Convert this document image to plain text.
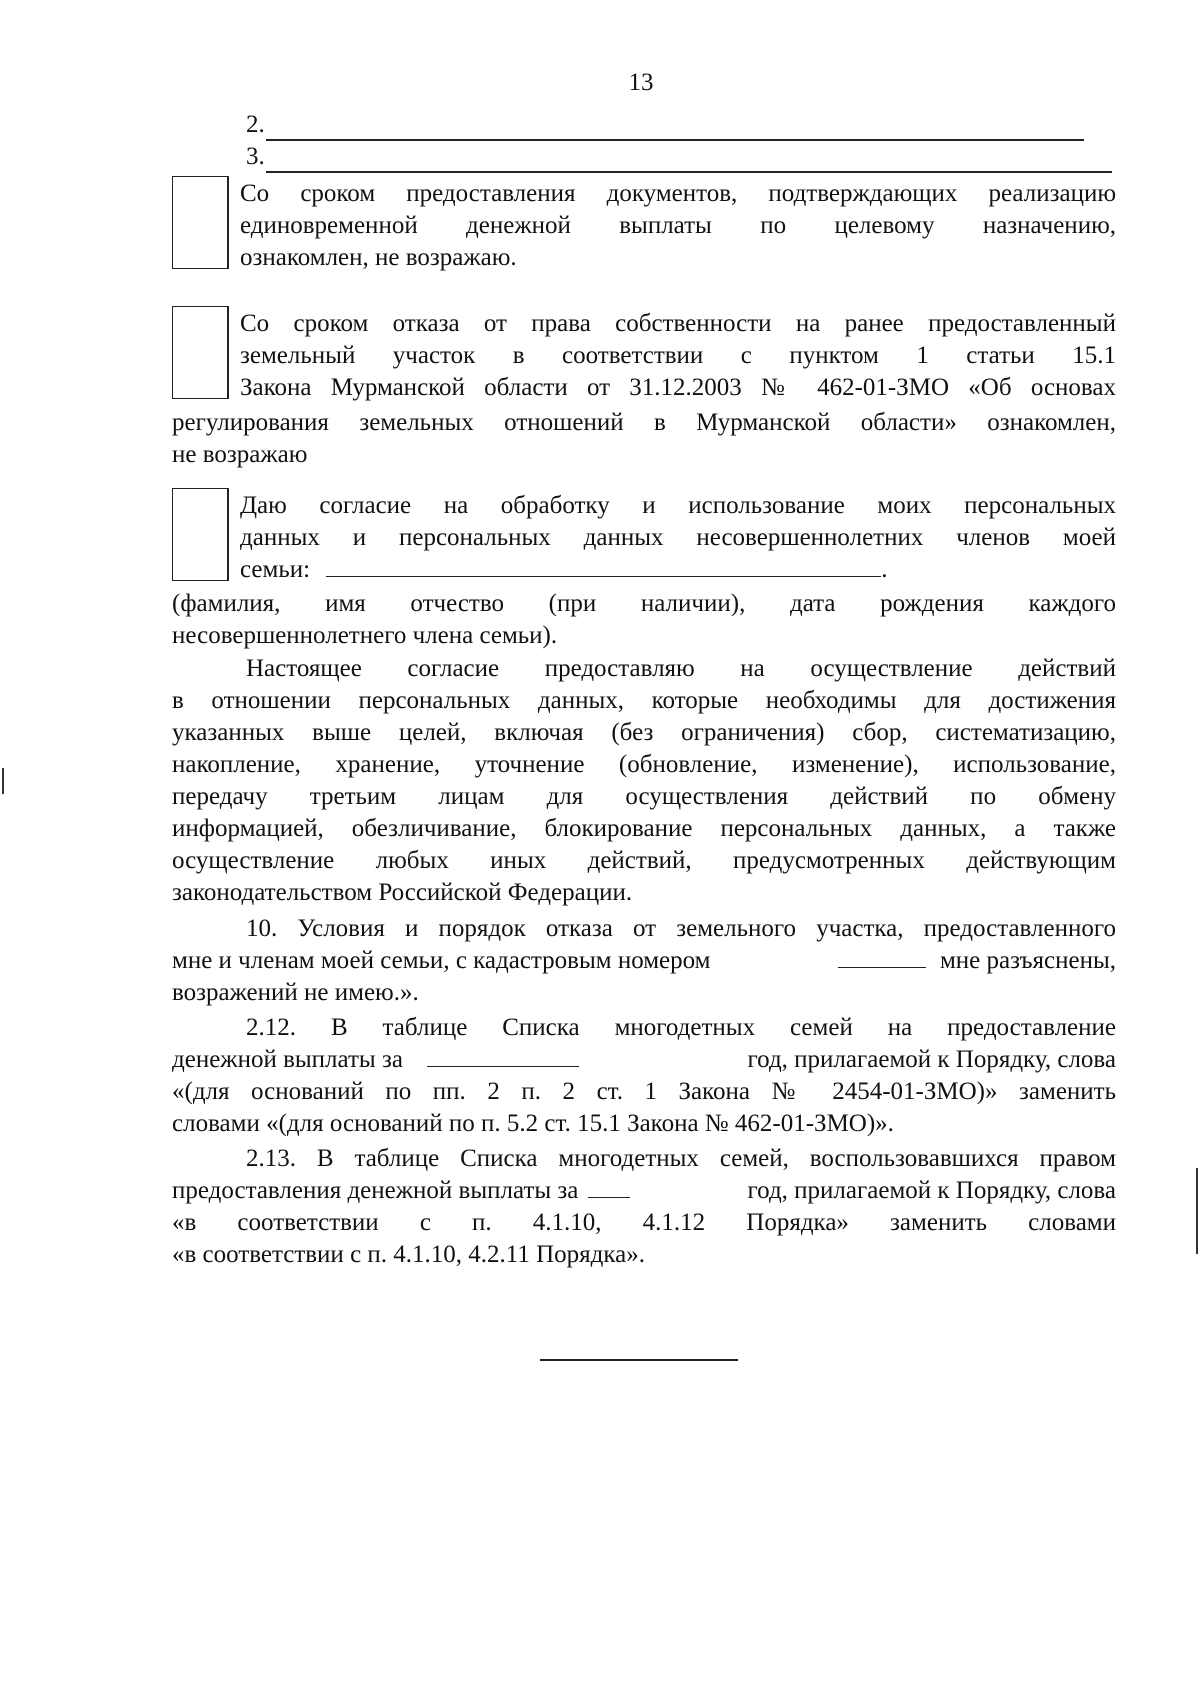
13
2.
3.
Со сроком предоставления документов, подтверждающих реализацию
единовременной денежной выплаты по целевому назначению,
ознакомлен, не возражаю.
Со сроком отказа от права собственности на ранее предоставленный
земельный участок в соответствии с пунктом 1 статьи 15.1
Закона Мурманской области от 31.12.2003 № 462-01-ЗМО «Об основах
регулирования земельных отношений в Мурманской области» ознакомлен,
не возражаю
Даю согласие на обработку и использование моих персональных
данных и персональных данных несовершеннолетних членов моей
семьи:	.
(фамилия, имя отчество (при наличии), дата рождения каждого
несовершеннолетнего члена семьи).
Настоящее согласие предоставляю на осуществление действий
в отношении персональных данных, которые необходимы для достижения
указанных выше целей, включая (без ограничения) сбор, систематизацию,
накопление, хранение, уточнение (обновление, изменение), использование,
передачу третьим лицам для осуществления действий по обмену
информацией, обезличивание, блокирование персональных данных, а также
осуществление любых иных действий, предусмотренных действующим
законодательством Российской Федерации.
10. Условия и порядок отказа от земельного участка, предоставленного
мне и членам моей семьи, с кадастровым номером	мне разъяснены,
возражений не имею.».
2.12. В таблице Списка многодетных семей на предоставление
денежной выплаты за	год, прилагаемой к Порядку, слова
«(для оснований по пп. 2 п. 2 ст. 1 Закона № 2454-01-ЗМО)» заменить
словами «(для оснований по п. 5.2 ст. 15.1 Закона № 462-01-ЗМО)».
2.13. В таблице Списка многодетных семей, воспользовавшихся правом
предоставления денежной выплаты за	год, прилагаемой к Порядку, слова
«в соответствии с п. 4.1.10, 4.1.12 Порядка» заменить словами
«в соответствии с п. 4.1.10, 4.2.11 Порядка».
